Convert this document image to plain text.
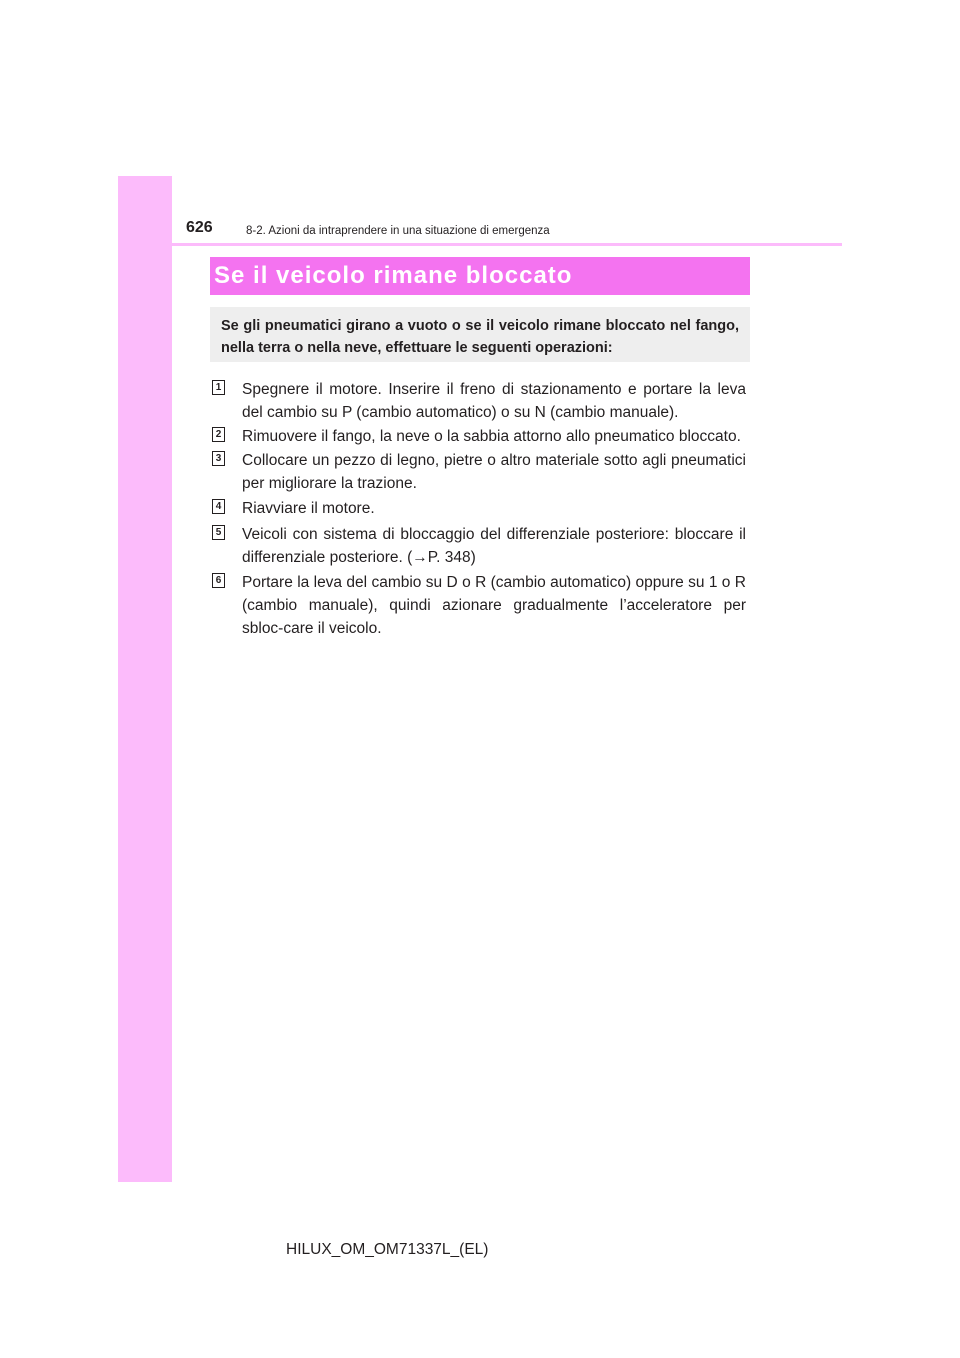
626	8-2. Azioni da intraprendere in una situazione di emergenza
Se il veicolo rimane bloccato
Se gli pneumatici girano a vuoto o se il veicolo rimane bloccato nel fango, nella terra o nella neve, effettuare le seguenti operazioni:
1 Spegnere il motore. Inserire il freno di stazionamento e portare la leva del cambio su P (cambio automatico) o su N (cambio manuale).
2 Rimuovere il fango, la neve o la sabbia attorno allo pneumatico bloccato.
3 Collocare un pezzo di legno, pietre o altro materiale sotto agli pneumatici per migliorare la trazione.
4 Riavviare il motore.
5 Veicoli con sistema di bloccaggio del differenziale posteriore: bloccare il differenziale posteriore. (→P. 348)
6 Portare la leva del cambio su D o R (cambio automatico) oppure su 1 o R (cambio manuale), quindi azionare gradualmente l’acceleratore per sbloc-care il veicolo.
HILUX_OM_OM71337L_(EL)
